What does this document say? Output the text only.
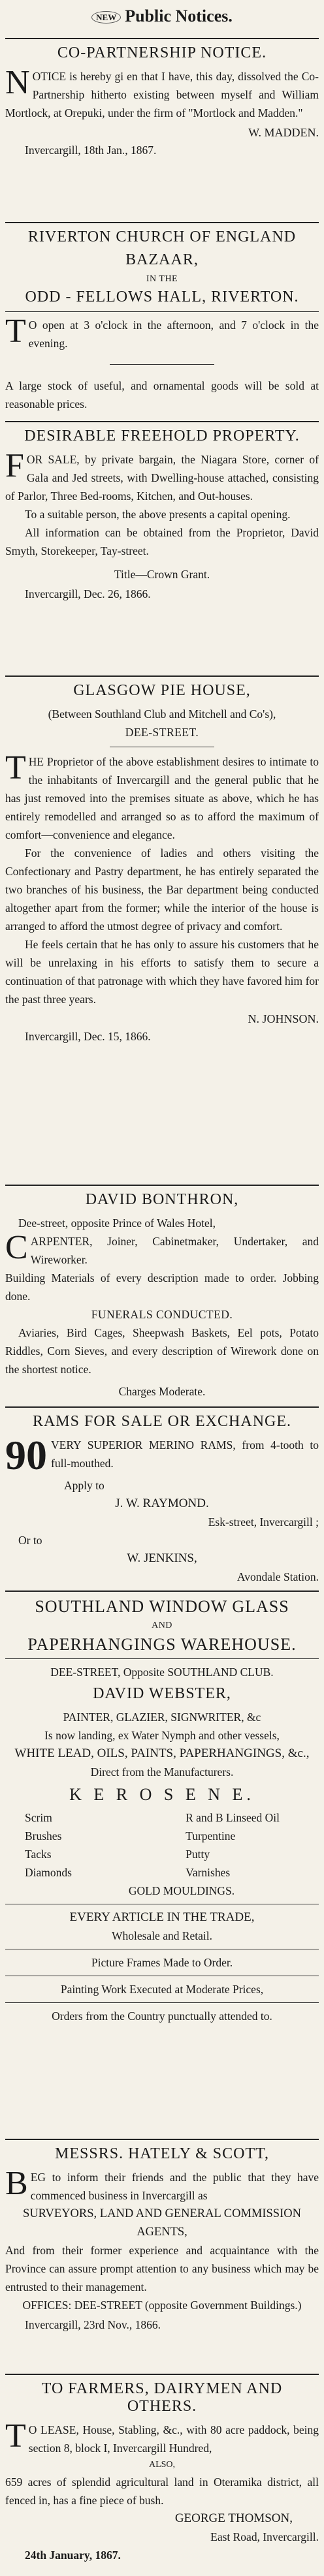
NEW Public Notices.
CO-PARTNERSHIP NOTICE.
NOTICE is hereby gi en that I have, this day, dissolved the Co-Partnership hitherto existing between myself and William Mortlock, at Orepuki, under the firm of "Mortlock and Madden."
W. MADDEN.
Invercargill, 18th Jan., 1867.
RIVERTON CHURCH OF ENGLAND
BAZAAR,
IN THE
ODD - FELLOWS HALL, RIVERTON.
T O open at 3 o'clock in the afternoon, and 7 o'clock in the evening.
A large stock of useful, and ornamental goods will be sold at reasonable prices.
DESIRABLE FREEHOLD PROPERTY.
FOR SALE, by private bargain, the Niagara Store, corner of Gala and Jed streets, with Dwelling-house attached, consisting of Parlor, Three Bed-rooms, Kitchen, and Out-houses.
To a suitable person, the above presents a capital opening.
All information can be obtained from the Proprietor, David Smyth, Storekeeper, Tay-street.
Title—Crown Grant.
Invercargill, Dec. 26, 1866.
GLASGOW PIE HOUSE,
(Between Southland Club and Mitchell and Co's),
DEE-STREET.
THE Proprietor of the above establishment desires to intimate to the inhabitants of Invercargill and the general public that he has just removed into the premises situate as above, which he has entirely remodelled and arranged so as to afford the maximum of comfort—convenience and elegance.
For the convenience of ladies and others visiting the Confectionary and Pastry department, he has entirely separated the two branches of his business, the Bar department being conducted altogether apart from the former; while the interior of the house is arranged to afford the utmost degree of privacy and comfort.
He feels certain that he has only to assure his customers that he will be unrelaxing in his efforts to satisfy them to secure a continuation of that patronage with which they have favored him for the past three years.
N. JOHNSON.
Invercargill, Dec. 15, 1866.
DAVID BONTHRON,
Dee-street, opposite Prince of Wales Hotel,
CARPENTER, Joiner, Cabinetmaker, Undertaker, and Wireworker.
Building Materials of every description made to order. Jobbing done.
FUNERALS CONDUCTED.
Aviaries, Bird Cages, Sheepwash Baskets, Eel pots, Potato Riddles, Corn Sieves, and every description of Wirework done on the shortest notice.
Charges Moderate.
RAMS FOR SALE OR EXCHANGE.
90 VERY SUPERIOR MERINO RAMS, from 4-tooth to full-mouthed.
Apply to
J. W. RAYMOND.
Esk-street, Invercargill ;
Or to
W. JENKINS,
Avondale Station.
SOUTHLAND WINDOW GLASS
AND
PAPERHANGINGS WAREHOUSE.
DEE-STREET, Opposite SOUTHLAND CLUB.
DAVID WEBSTER,
PAINTER, GLAZIER, SIGNWRITER, &c
Is now landing, ex Water Nymph and other vessels,
WHITE LEAD, OILS, PAINTS, PAPERHANGINGS, &c.,
Direct from the Manufacturers.
K E R O S E N E.
Scrim
Brushes
Tacks
Diamonds
R and B Linseed Oil
Turpentine
Putty
Varnishes
GOLD MOULDINGS.
EVERY ARTICLE IN THE TRADE,
Wholesale and Retail.
Picture Frames Made to Order.
Painting Work Executed at Moderate Prices,
Orders from the Country punctually attended to.
MESSRS. HATELY & SCOTT,
BEG to inform their friends and the public that they have commenced business in Invercargill as
SURVEYORS, LAND AND GENERAL COMMISSION AGENTS,
And from their former experience and acquaintance with the Province can assure prompt attention to any business which may be entrusted to their management.
OFFICES: DEE-STREET (opposite Government Buildings.)
Invercargill, 23rd Nov., 1866.
TO FARMERS, DAIRYMEN AND OTHERS.
T O LEASE, House, Stabling, &c., with 80 acre paddock, being section 8, block I, Invercargill Hundred,
ALSO,
659 acres of splendid agricultural land in Oteramika district, all fenced in, has a fine piece of bush.
GEORGE THOMSON,
East Road, Invercargill.
24th January, 1867.
